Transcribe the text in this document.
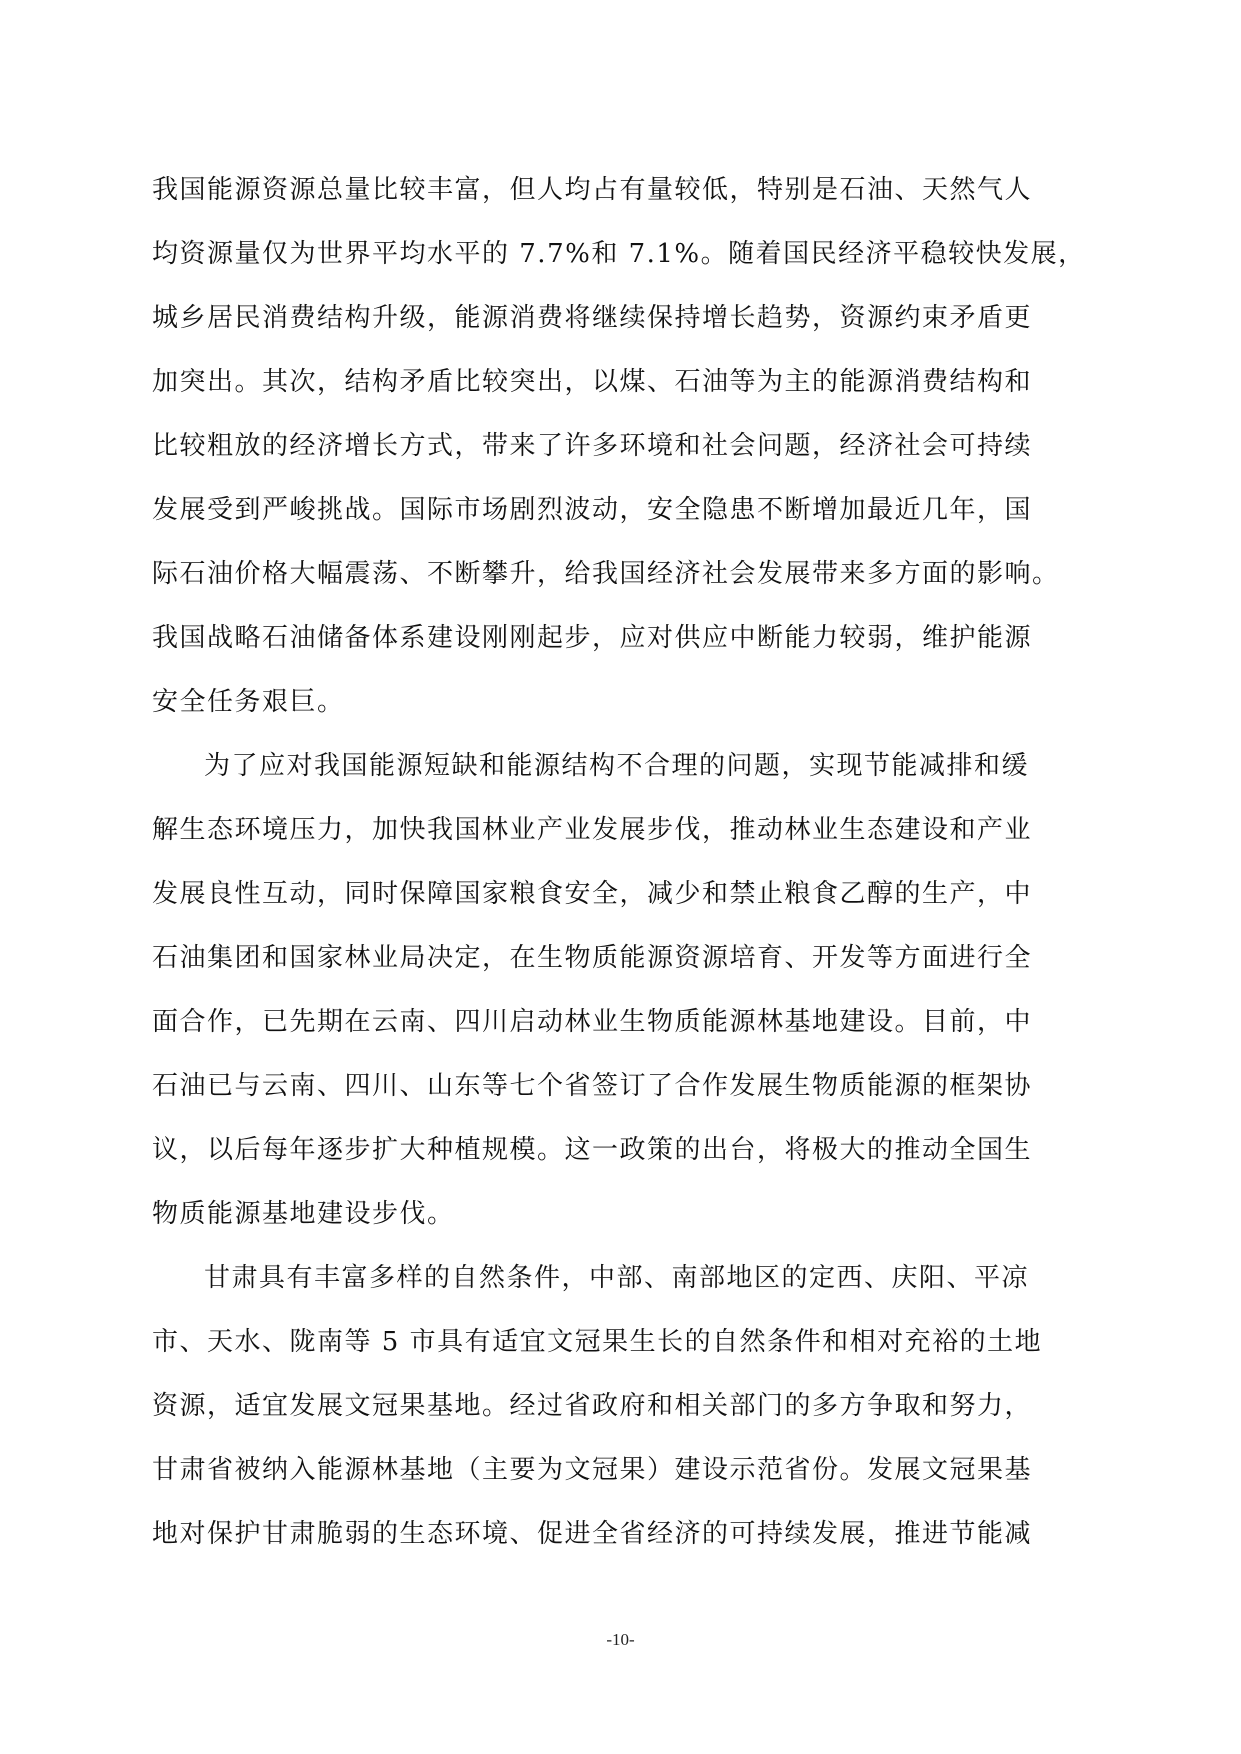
我国能源资源总量比较丰富，但人均占有量较低，特别是石油、天然气人
均资源量仅为世界平均水平的 7.7%和 7.1%。随着国民经济平稳较快发展，
城乡居民消费结构升级，能源消费将继续保持增长趋势，资源约束矛盾更
加突出。其次，结构矛盾比较突出，以煤、石油等为主的能源消费结构和
比较粗放的经济增长方式，带来了许多环境和社会问题，经济社会可持续
发展受到严峻挑战。国际市场剧烈波动，安全隐患不断增加最近几年，国
际石油价格大幅震荡、不断攀升，给我国经济社会发展带来多方面的影响。
我国战略石油储备体系建设刚刚起步，应对供应中断能力较弱，维护能源
安全任务艰巨。
为了应对我国能源短缺和能源结构不合理的问题，实现节能减排和缓
解生态环境压力，加快我国林业产业发展步伐，推动林业生态建设和产业
发展良性互动，同时保障国家粮食安全，减少和禁止粮食乙醇的生产，中
石油集团和国家林业局决定，在生物质能源资源培育、开发等方面进行全
面合作，已先期在云南、四川启动林业生物质能源林基地建设。目前，中
石油已与云南、四川、山东等七个省签订了合作发展生物质能源的框架协
议，以后每年逐步扩大种植规模。这一政策的出台，将极大的推动全国生
物质能源基地建设步伐。
甘肃具有丰富多样的自然条件，中部、南部地区的定西、庆阳、平凉
市、天水、陇南等 5 市具有适宜文冠果生长的自然条件和相对充裕的土地
资源，适宜发展文冠果基地。经过省政府和相关部门的多方争取和努力，
甘肃省被纳入能源林基地（主要为文冠果）建设示范省份。发展文冠果基
地对保护甘肃脆弱的生态环境、促进全省经济的可持续发展，推进节能减
-10-
